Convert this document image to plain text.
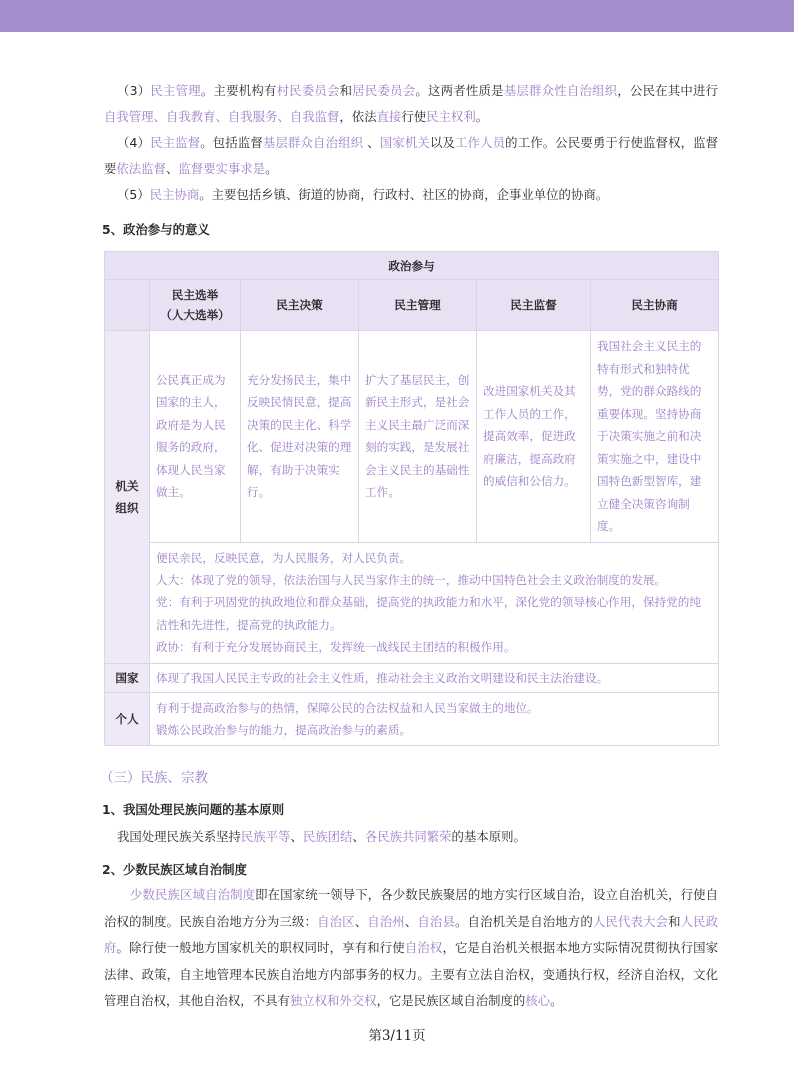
（3）民主管理。主要机构有村民委员会和居民委员会。这两者性质是基层群众性自治组织，公民在其中进行自我管理、自我教育、自我服务、自我监督，依法直接行使民主权利。

（4）民主监督。包括监督基层群众自治组织 、国家机关以及工作人员的工作。公民要勇于行使监督权，监督要依法监督、监督要实事求是。

（5）民主协商。主要包括乡镇、街道的协商，行政村、社区的协商，企事业单位的协商。

5、政治参与的意义
政治参与					

	民主选举
（人大选举）	民主决策	民主管理	民主监督	民主协商

机关
组织	公民真正成为国家的主人，政府是为人民服务的政府，体现人民当家做主。	充分发扬民主，集中反映民情民意，提高决策的民主化、科学化、促进对决策的理解，有助于决策实行。	扩大了基层民主，创新民主形式，是社会主义民主最广泛而深刻的实践，是发展社会主义民主的基础性工作。	改进国家机关及其工作人员的工作，提高效率，促进政府廉洁，提高政府的威信和公信力。	我国社会主义民主的特有形式和独特优势，党的群众路线的重要体现。坚持协商于决策实施之前和决策实施之中，建设中国特色新型智库，建立健全决策咨询制度。

	便民亲民，反映民意，为人民服务，对人民负责。
人大：体现了党的领导，依法治国与人民当家作主的统一，推动中国特色社会主义政治制度的发展。
党：有利于巩固党的执政地位和群众基础，提高党的执政能力和水平，深化党的领导核心作用，保持党的纯洁性和先进性，提高党的执政能力。
政协：有利于充分发展协商民主，发挥统一战线民主团结的积极作用。				

国家	体现了我国人民民主专政的社会主义性质，推动社会主义政治文明建设和民主法治建设。				
个人	有利于提高政治参与的热情，保障公民的合法权益和人民当家做主的地位。
锻炼公民政治参与的能力，提高政治参与的素质。				
（三）民族、宗教
1、我国处理民族问题的基本原则

我国处理民族关系坚持民族平等、民族团结、各民族共同繁荣的基本原则。

2、少数民族区域自治制度

少数民族区域自治制度即在国家统一领导下，各少数民族聚居的地方实行区域自治，设立自治机关，行使自治权的制度。民族自治地方分为三级：自治区、自治州、自治县。自治机关是自治地方的人民代表大会和人民政府。除行使一般地方国家机关的职权同时，享有和行使自治权，它是自治机关根据本地方实际情况贯彻执行国家法律、政策，自主地管理本民族自治地方内部事务的权力。主要有立法自治权，变通执行权，经济自治权，文化管理自治权，其他自治权，不具有独立权和外交权，它是民族区域自治制度的核心。

第3/11页
